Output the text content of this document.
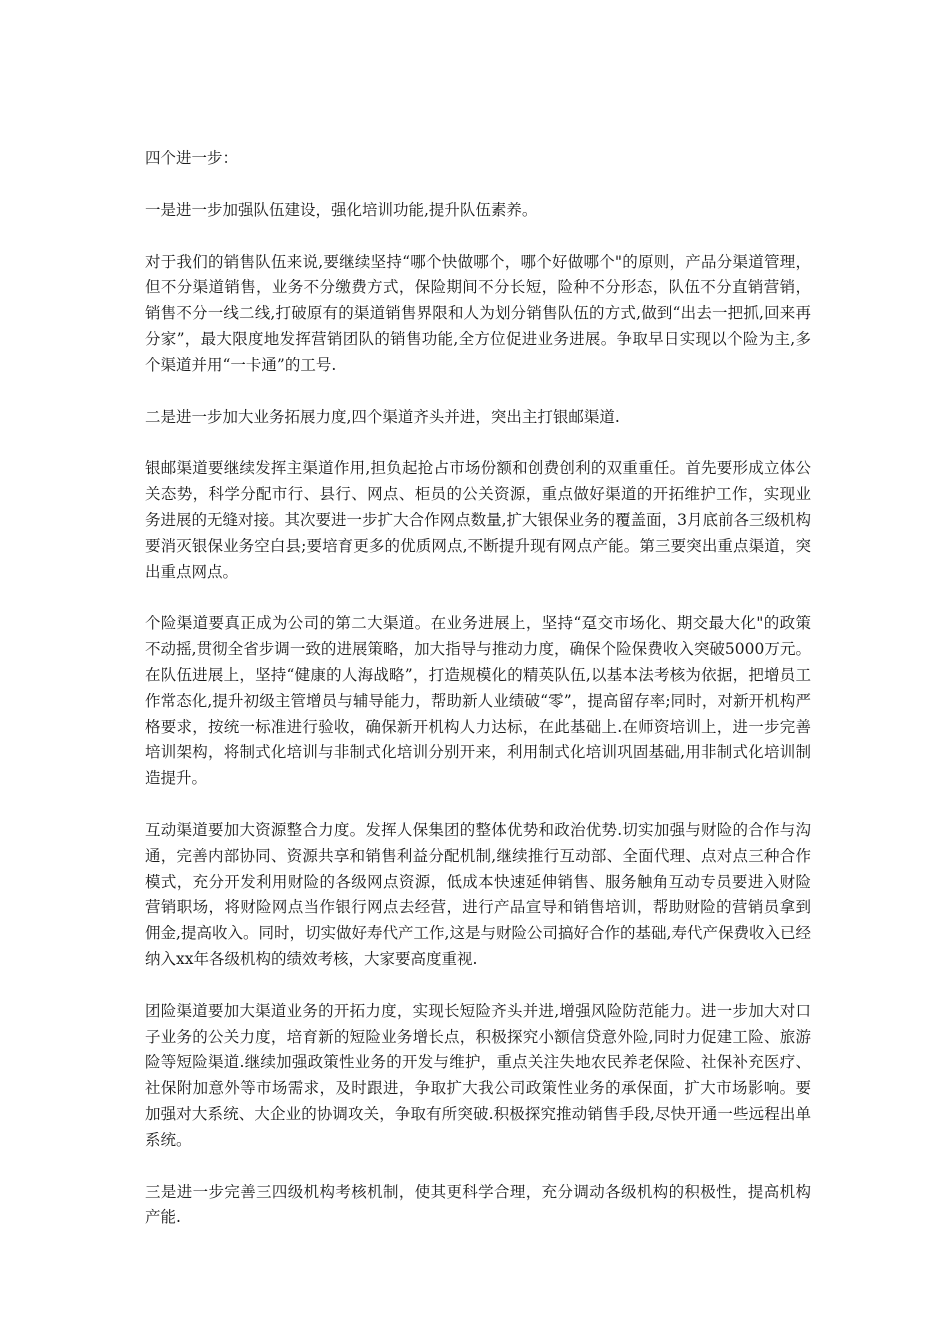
四个进一步：

一是进一步加强队伍建设，强化培训功能,提升队伍素养。

对于我们的销售队伍来说,要继续坚持“哪个快做哪个，哪个好做哪个"的原则，产品分渠道管理，但不分渠道销售，业务不分缴费方式，保险期间不分长短，险种不分形态，队伍不分直销营销，销售不分一线二线,打破原有的渠道销售界限和人为划分销售队伍的方式,做到“出去一把抓,回来再分家”，最大限度地发挥营销团队的销售功能,全方位促进业务进展。争取早日实现以个险为主,多个渠道并用“一卡通”的工号.

二是进一步加大业务拓展力度,四个渠道齐头并进，突出主打银邮渠道.

银邮渠道要继续发挥主渠道作用,担负起抢占市场份额和创费创利的双重重任。首先要形成立体公关态势，科学分配市行、县行、网点、柜员的公关资源，重点做好渠道的开拓维护工作，实现业务进展的无缝对接。其次要进一步扩大合作网点数量,扩大银保业务的覆盖面，3月底前各三级机构要消灭银保业务空白县;要培育更多的优质网点,不断提升现有网点产能。第三要突出重点渠道，突出重点网点。

个险渠道要真正成为公司的第二大渠道。在业务进展上，坚持“趸交市场化、期交最大化"的政策不动摇,贯彻全省步调一致的进展策略，加大指导与推动力度，确保个险保费收入突破5000万元。在队伍进展上，坚持“健康的人海战略”，打造规模化的精英队伍,以基本法考核为依据，把增员工作常态化,提升初级主管增员与辅导能力，帮助新人业绩破“零”，提高留存率;同时，对新开机构严格要求，按统一标准进行验收，确保新开机构人力达标，在此基础上.在师资培训上，进一步完善培训架构，将制式化培训与非制式化培训分别开来，利用制式化培训巩固基础,用非制式化培训制造提升。

互动渠道要加大资源整合力度。发挥人保集团的整体优势和政治优势.切实加强与财险的合作与沟通，完善内部协同、资源共享和销售利益分配机制,继续推行互动部、全面代理、点对点三种合作模式，充分开发利用财险的各级网点资源，低成本快速延伸销售、服务触角互动专员要进入财险营销职场，将财险网点当作银行网点去经营，进行产品宣导和销售培训，帮助财险的营销员拿到佣金,提高收入。同时，切实做好寿代产工作,这是与财险公司搞好合作的基础,寿代产保费收入已经纳入xx年各级机构的绩效考核，大家要高度重视.

团险渠道要加大渠道业务的开拓力度，实现长短险齐头并进,增强风险防范能力。进一步加大对口子业务的公关力度，培育新的短险业务增长点，积极探究小额信贷意外险,同时力促建工险、旅游险等短险渠道.继续加强政策性业务的开发与维护，重点关注失地农民养老保险、社保补充医疗、社保附加意外等市场需求，及时跟进，争取扩大我公司政策性业务的承保面，扩大市场影响。要加强对大系统、大企业的协调攻关，争取有所突破.积极探究推动销售手段,尽快开通一些远程出单系统。

三是进一步完善三四级机构考核机制，使其更科学合理，充分调动各级机构的积极性，提高机构产能.
